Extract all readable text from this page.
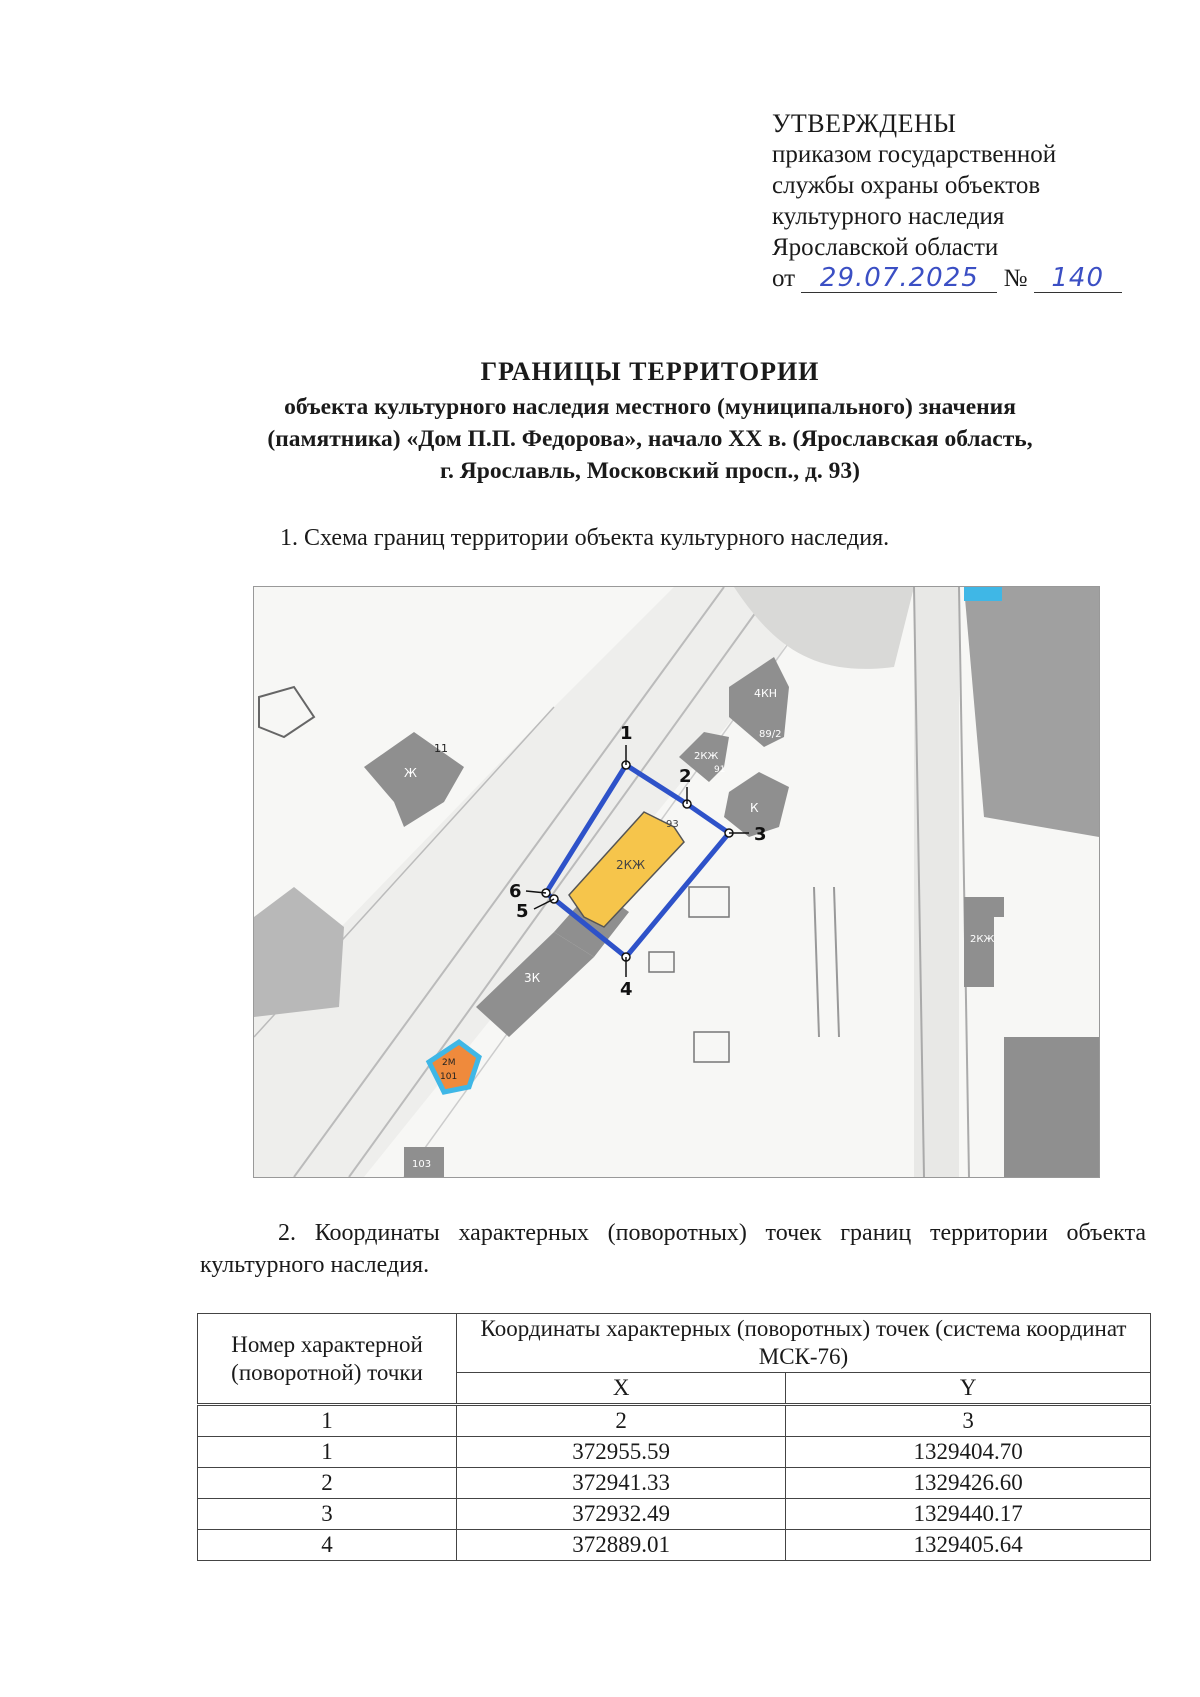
УТВЕРЖДЕНЫ
приказом государственной
службы охраны объектов
культурного наследия
Ярославской области
от 29.07.2025 № 140
ГРАНИЦЫ ТЕРРИТОРИИ
объекта культурного наследия местного (муниципального) значения
(памятника) «Дом П.П. Федорова», начало XX в. (Ярославская область,
г. Ярославль, Московский просп., д. 93)
1. Схема границ территории объекта культурного наследия.
Ж
11
4КН
89/2
2КЖ
91
К
3К
2М
101
103
2КЖ
2КЖ
93
1
2
3
4
5
6
2. Координаты характерных (поворотных) точек границ территории объекта культурного наследия.
Номер характерной (поворотной) точки	Координаты характерных (поворотных) точек (система координат МСК-76)	
	X	Y
1	2	3
1	372955.59	1329404.70
2	372941.33	1329426.60
3	372932.49	1329440.17
4	372889.01	1329405.64
